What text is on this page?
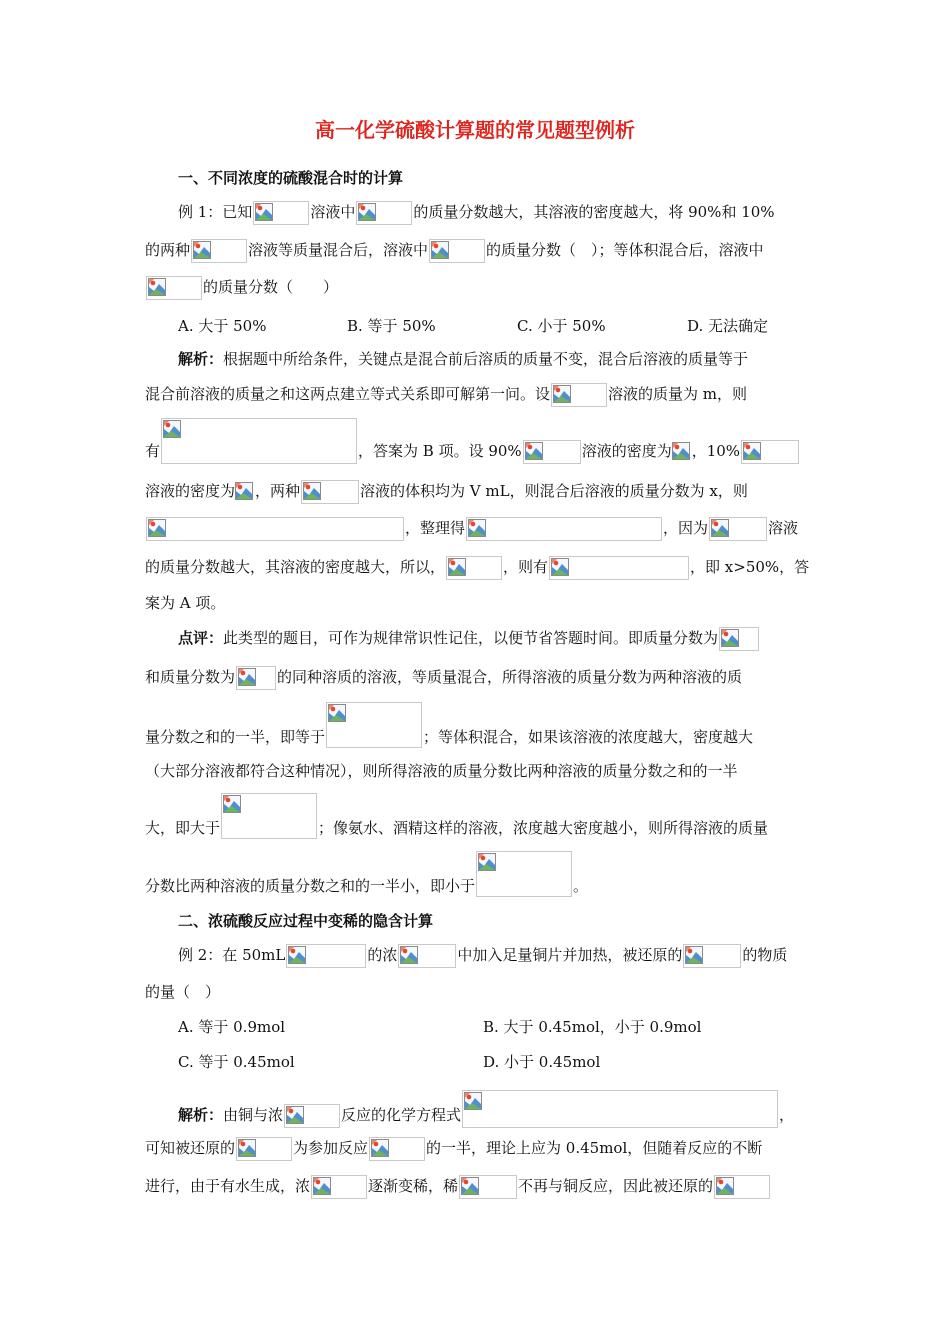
高一化学硫酸计算题的常见题型例析
一、不同浓度的硫酸混合时的计算
例 1：已知	溶液中	的质量分数越大，其溶液的密度越大，将 90%和 10%
的两种	溶液等质量混合后，溶液中	的质量分数（　）；等体积混合后，溶液中
的质量分数（　　）
A. 大于 50%	B. 等于 50%	C. 小于 50%	D. 无法确定
解析：根据题中所给条件，关键点是混合前后溶质的质量不变，混合后溶液的质量等于
混合前溶液的质量之和这两点建立等式关系即可解第一问。设	溶液的质量为 m，则
有	，答案为 B 项。设 90%	溶液的密度为 ，10%
溶液的密度为 ，两种	溶液的体积均为 V mL，则混合后溶液的质量分数为 x，则
，整理得	，因为	溶液
的质量分数越大，其溶液的密度越大，所以，	，则有	，即 x>50%，答
案为 A 项。
点评：此类型的题目，可作为规律常识性记住，以便节省答题时间。即质量分数为
和质量分数为	的同种溶质的溶液，等质量混合，所得溶液的质量分数为两种溶液的质
量分数之和的一半，即等于	；等体积混合，如果该溶液的浓度越大，密度越大
（大部分溶液都符合这种情况），则所得溶液的质量分数比两种溶液的质量分数之和的一半
大，即大于	；像氨水、酒精这样的溶液，浓度越大密度越小，则所得溶液的质量
分数比两种溶液的质量分数之和的一半小，即小于	。
二、浓硫酸反应过程中变稀的隐含计算
例 2：在 50mL	的浓	中加入足量铜片并加热，被还原的	的物质
的量（　）
A. 等于 0.9mol	B. 大于 0.45mol，小于 0.9mol
C. 等于 0.45mol	D. 小于 0.45mol
解析：由铜与浓	反应的化学方程式	，
可知被还原的	为参加反应	的一半，理论上应为 0.45mol，但随着反应的不断
进行，由于有水生成，浓	逐渐变稀，稀	不再与铜反应，因此被还原的
